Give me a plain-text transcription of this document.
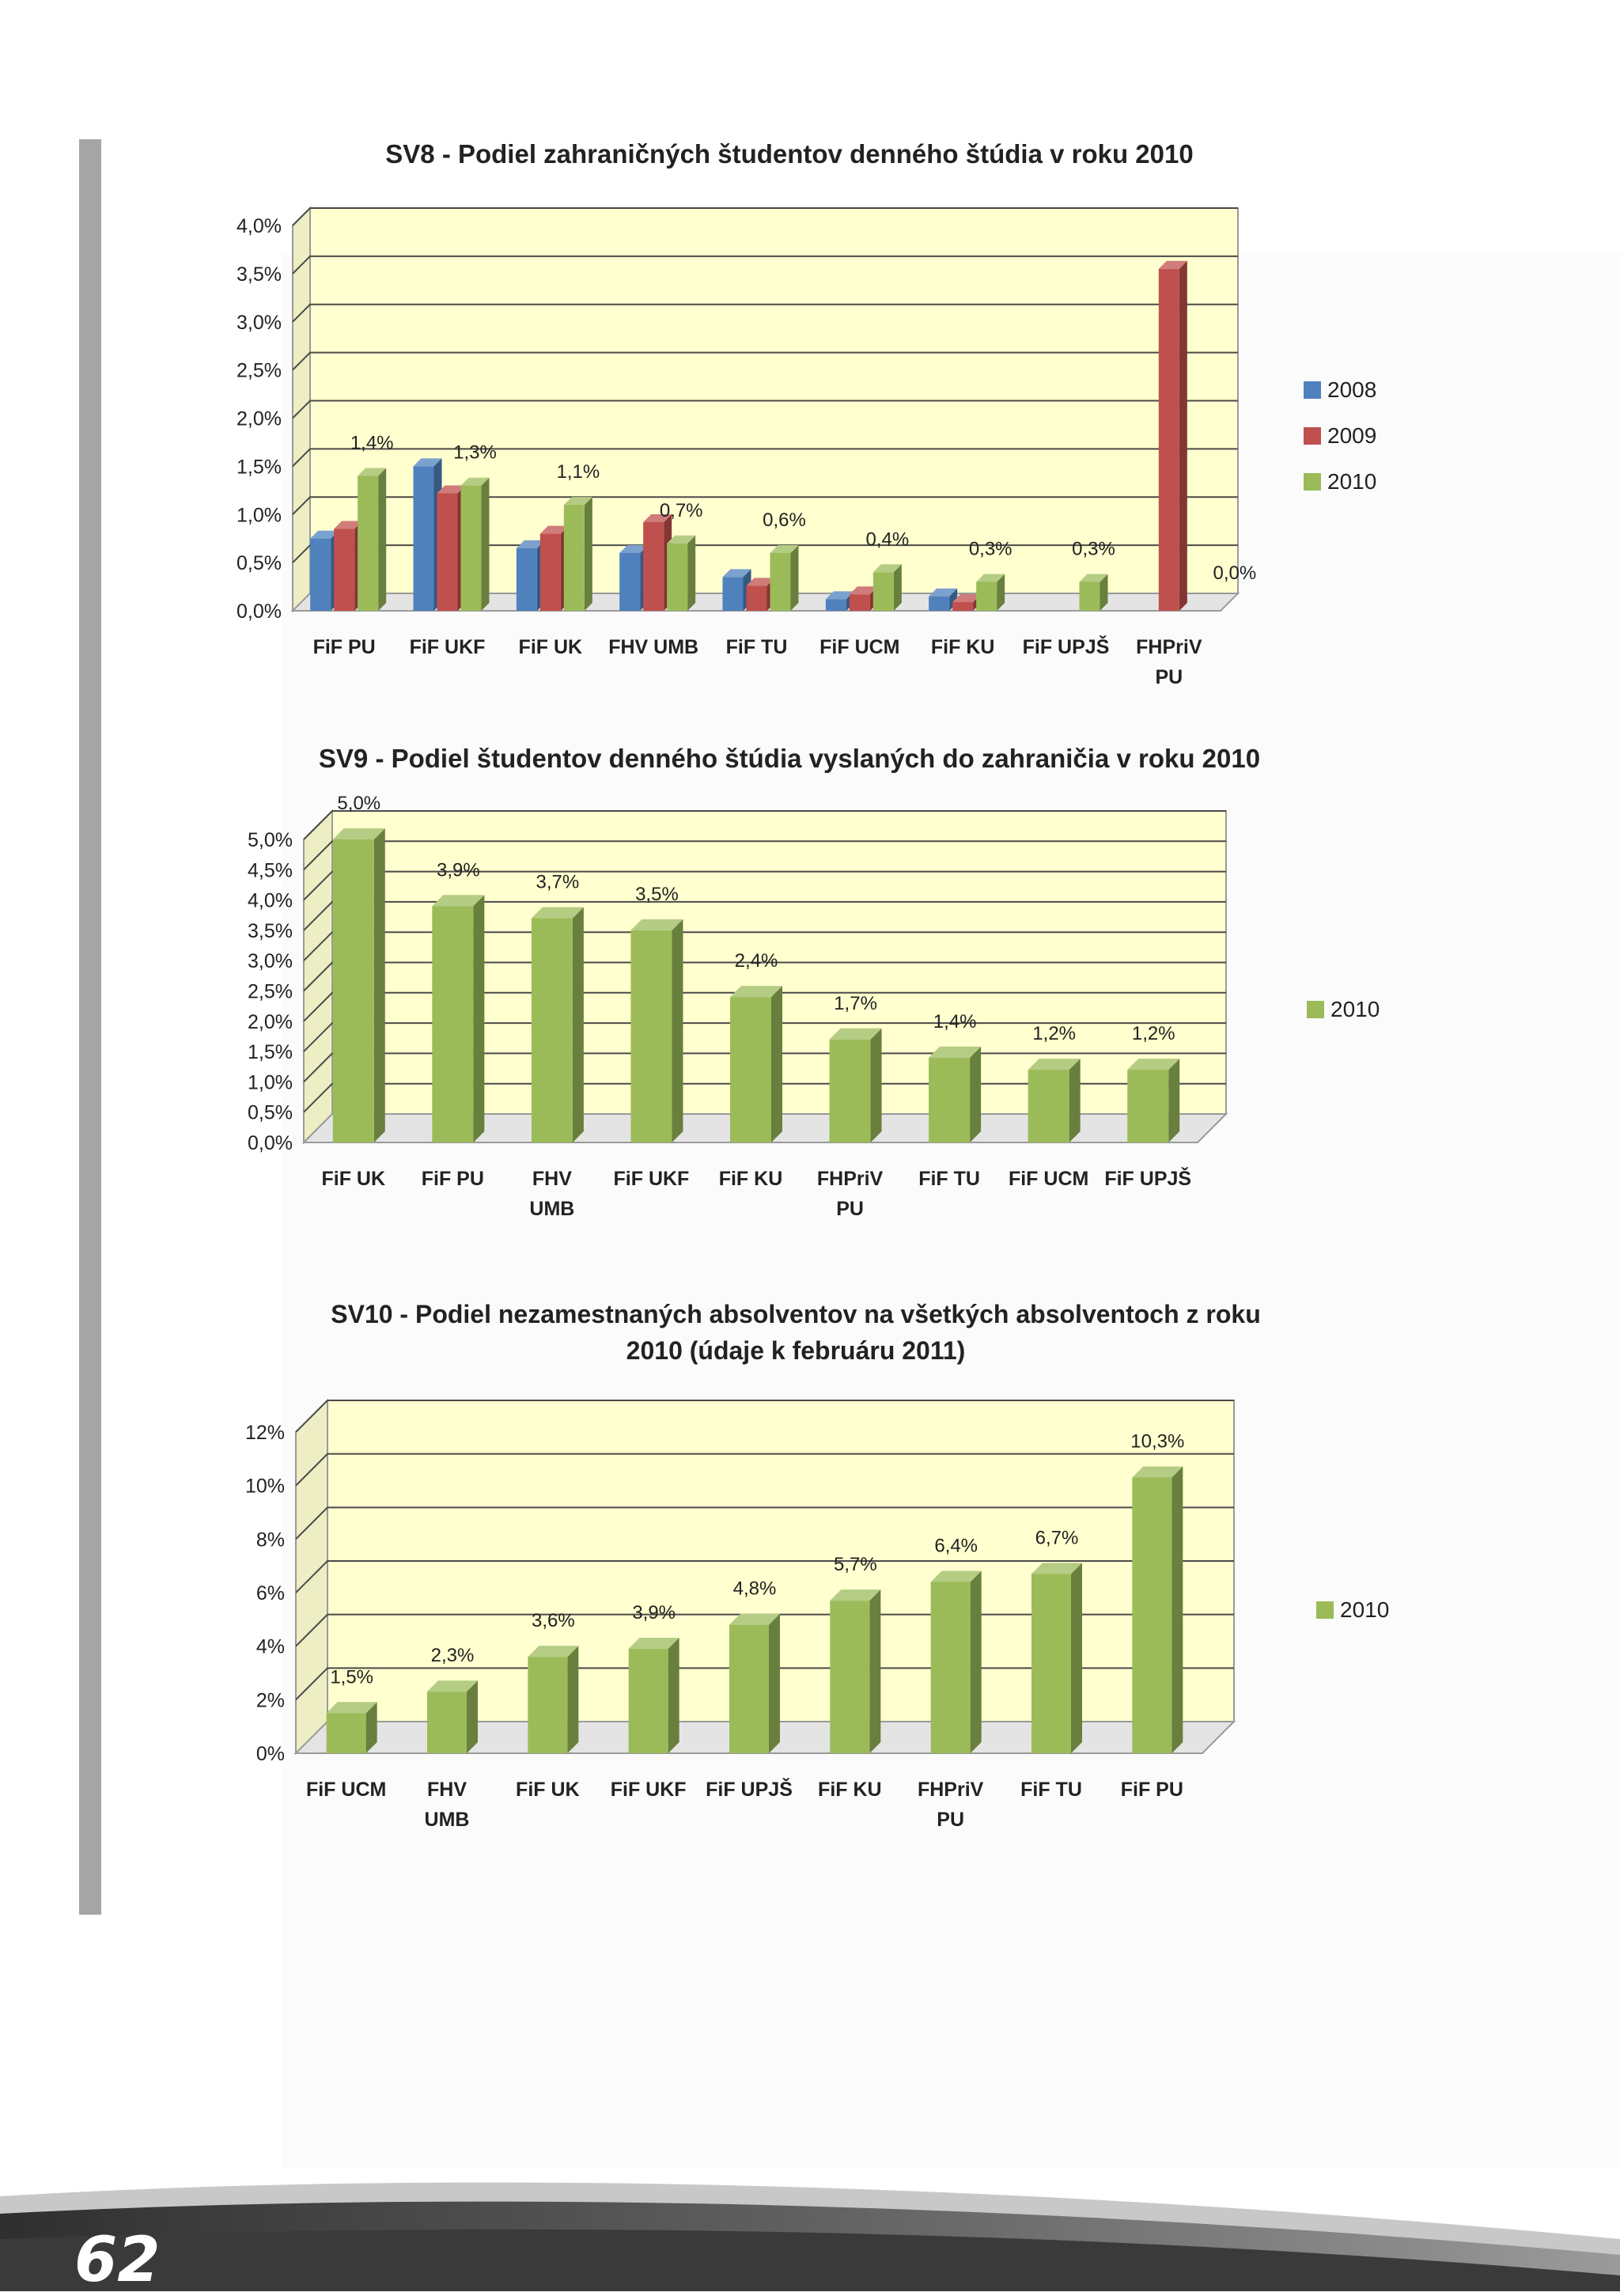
SV8 - Podiel zahraničných študentov denného štúdia v roku 2010
0,0%
0,5%
1,0%
1,5%
2,0%
2,5%
3,0%
3,5%
4,0%
FiF PU FiF UKF FiF UK FHV UMB FiF TU FiF UCM FiF KU FiF UPJŠ FHPriV PU
1,4%	1,3%
1,1%
0,7%	0,6%
0,4%	0,3%	0,3%
0,0%
2008
2009
2010
SV9 - Podiel študentov denného štúdia vyslaných do zahraničia v roku 2010
0,0%
0,5%
1,0%
1,5%
2,0%
2,5%
3,0%
3,5%
4,0%
4,5%
5,0%
FiF UK FiF PU FHV UMB
FiF UKF FiF KU FHPriV PU
FiF TU FiF UCM FiF UPJŠ
5,0%
3,9%
3,7%
3,5%
2,4%
1,7%
1,4%
1,2%	1,2%
2010
SV10 - Podiel nezamestnaných absolventov na všetkých absolventoch z roku
2010 (údaje k februáru 2011)
0%
2%
4%
6%
8%
10%
12%
FiF UCM FHV UMB
FiF UK FiF UKF FiF UPJŠ FiF KU FHPriV PU
FiF TU FiF PU
1,5%
2,3%
3,6%	3,9%
4,8%
5,7%
6,4%	6,7%
10,3%
2010
62
